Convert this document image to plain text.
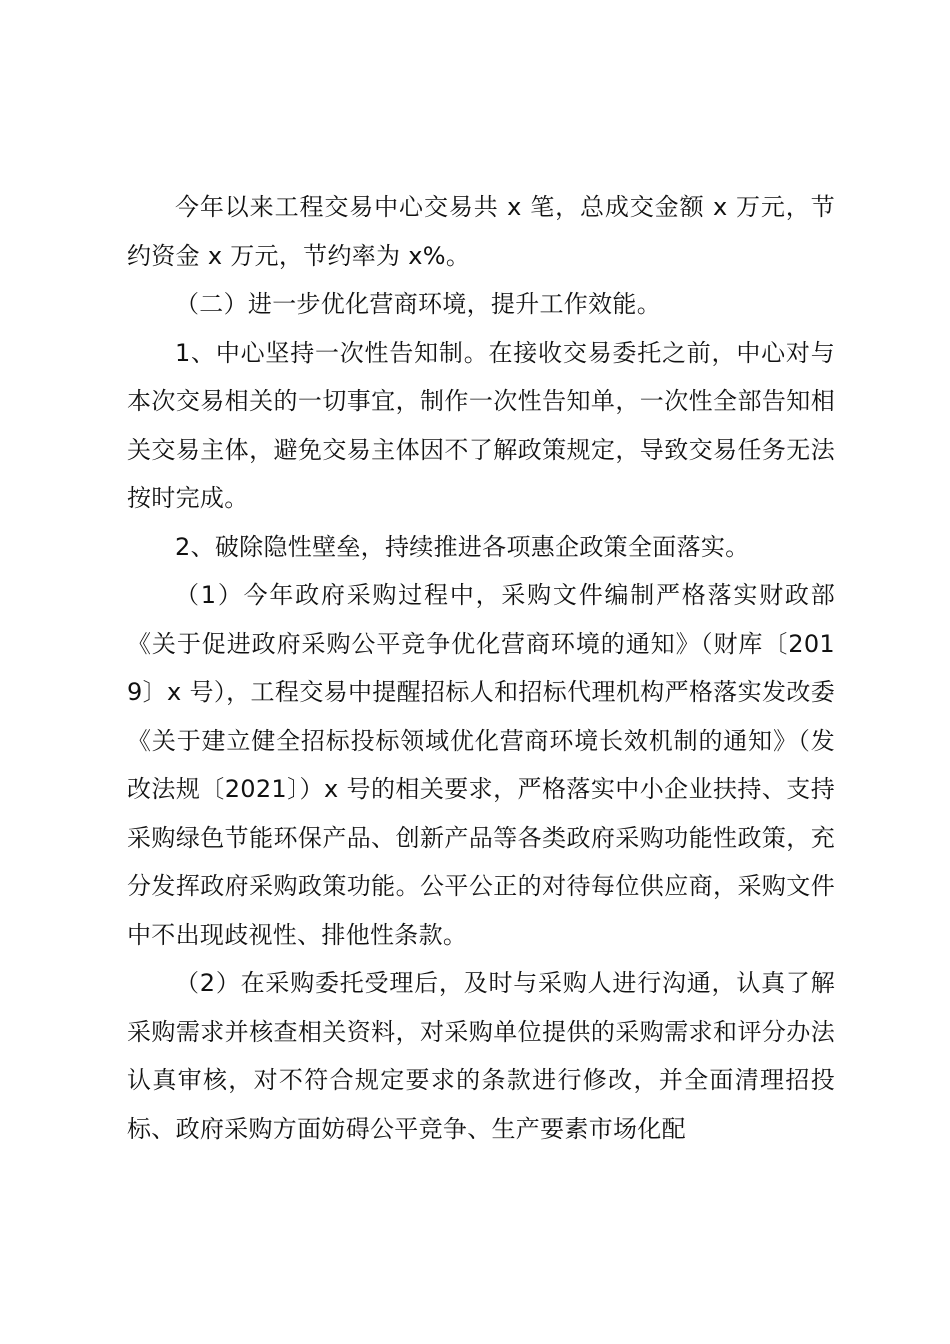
今年以来工程交易中心交易共 x 笔，总成交金额 x 万元，节约资金 x 万元，节约率为 x%。

（二）进一步优化营商环境，提升工作效能。

1、中心坚持一次性告知制。在接收交易委托之前，中心对与本次交易相关的一切事宜，制作一次性告知单，一次性全部告知相关交易主体，避免交易主体因不了解政策规定，导致交易任务无法按时完成。

2、破除隐性壁垒，持续推进各项惠企政策全面落实。

（1）今年政府采购过程中，采购文件编制严格落实财政部《关于促进政府采购公平竞争优化营商环境的通知》（财库〔2019〕x 号），工程交易中提醒招标人和招标代理机构严格落实发改委《关于建立健全招标投标领域优化营商环境长效机制的通知》（发改法规〔2021〕）x 号的相关要求，严格落实中小企业扶持、支持采购绿色节能环保产品、创新产品等各类政府采购功能性政策，充分发挥政府采购政策功能。公平公正的对待每位供应商，采购文件中不出现歧视性、排他性条款。

（2）在采购委托受理后，及时与采购人进行沟通，认真了解采购需求并核查相关资料，对采购单位提供的采购需求和评分办法认真审核，对不符合规定要求的条款进行修改，并全面清理招投标、政府采购方面妨碍公平竞争、生产要素市场化配
